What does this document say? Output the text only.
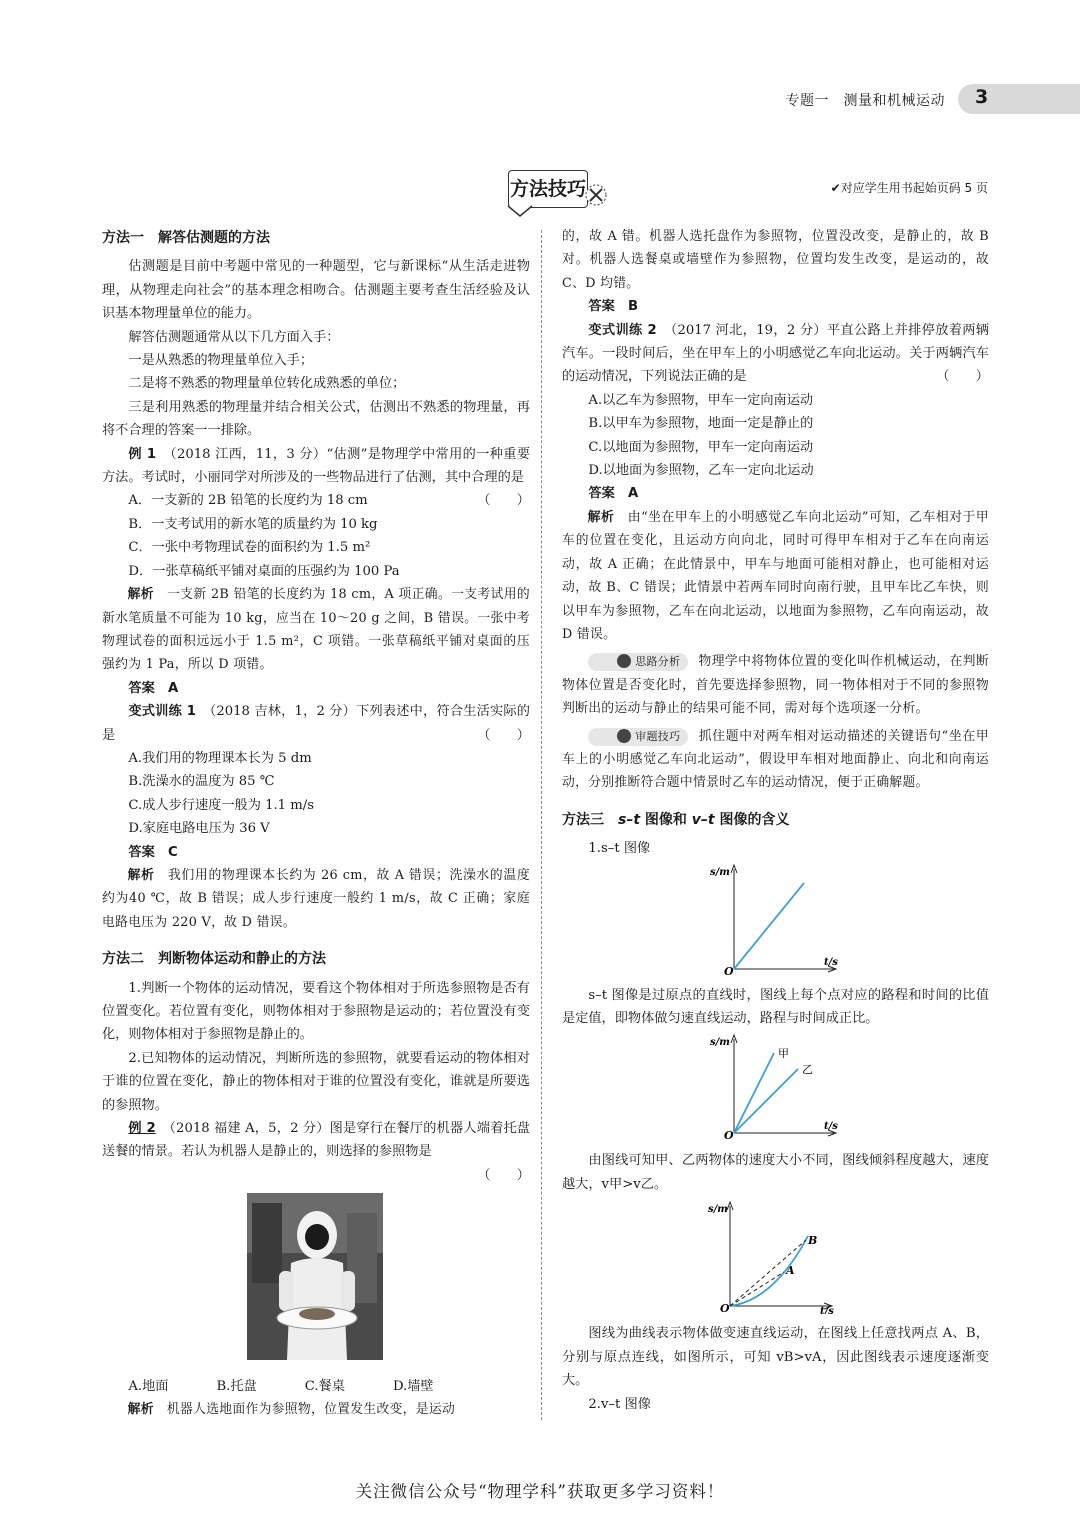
专题一　测量和机械运动 3
方法技巧	✔对应学生用书起始页码 5 页
方法一　解答估测题的方法

估测题是目前中考题中常见的一种题型，它与新课标“从生活走进物理，从物理走向社会”的基本理念相吻合。估测题主要考查生活经验及认识基本物理量单位的能力。

解答估测题通常从以下几方面入手：

一是从熟悉的物理量单位入手；

二是将不熟悉的物理量单位转化成熟悉的单位；

三是利用熟悉的物理量并结合相关公式，估测出不熟悉的物理量，再将不合理的答案一一排除。

例 1　 （2018 江西，11，3 分）“估测”是物理学中常用的一种重要方法。考试时，小丽同学对所涉及的一些物品进行了估测，其中合理的是
（　　）

A．一支新的 2B 铅笔的长度约为 18 cm

B．一支考试用的新水笔的质量约为 10 kg

C．一张中考物理试卷的面积约为 1.5 m²

D．一张草稿纸平铺对桌面的压强约为 100 Pa

解析　 一支新 2B 铅笔的长度约为 18 cm，A 项正确。一支考试用的新水笔质量不可能为 10 kg，应当在 10～20 g 之间，B 错误。一张中考物理试卷的面积远远小于 1.5 m²，C 项错。一张草稿纸平铺对桌面的压强约为 1 Pa，所以 D 项错。

答案　 A

变式训练 1　 （2018 吉林，1，2 分）下列表述中，符合生活实际的是	（　　）

A.我们用的物理课本长为 5 dm

B.洗澡水的温度为 85 ℃

C.成人步行速度一般为 1.1 m/s

D.家庭电路电压为 36 V

答案　 C

解析　 我们用的物理课本长约为 26 cm，故 A 错误；洗澡水的温度约为40 ℃，故 B 错误；成人步行速度一般约 1 m/s，故 C 正确；家庭电路电压为 220 V，故 D 错误。

方法二　判断物体运动和静止的方法

1.判断一个物体的运动情况，要看这个物体相对于所选参照物是否有位置变化。若位置有变化，则物体相对于参照物是运动的；若位置没有变化，则物体相对于参照物是静止的。

2.已知物体的运动情况，判断所选的参照物，就要看运动的物体相对于谁的位置在变化，静止的物体相对于谁的位置没有变化，谁就是所要选的参照物。

例 2　 （2018 福建 A，5，2 分）图是穿行在餐厅的机器人端着托盘送餐的情景。若认为机器人是静止的，则选择的参照物是

（　　）

A.地面	B.托盘	C.餐桌	D.墙壁

解析　 机器人选地面作为参照物，位置发生改变，是运动

的，故 A 错。机器人选托盘作为参照物，位置没改变，是静止的，故 B 对。机器人选餐桌或墙壁作为参照物，位置均发生改变，是运动的，故 C、D 均错。

答案　 B

变式训练 2　 （2017 河北，19，2 分）平直公路上并排停放着两辆汽车。一段时间后，坐在甲车上的小明感觉乙车向北运动。关于两辆汽车的运动情况，下列说法正确的是	（　　）

A.以乙车为参照物，甲车一定向南运动

B.以甲车为参照物，地面一定是静止的

C.以地面为参照物，甲车一定向南运动

D.以地面为参照物，乙车一定向北运动

答案　 A

解析　 由“坐在甲车上的小明感觉乙车向北运动”可知，乙车相对于甲车的位置在变化，且运动方向向北，同时可得甲车相对于乙车在向南运动，故 A 正确；在此情景中，甲车与地面可能相对静止，也可能相对运动，故 B、C 错误；此情景中若两车同时向南行驶，且甲车比乙车快，则以甲车为参照物，乙车在向北运动，以地面为参照物，乙车向南运动，故 D 错误。

思路分析 物理学中将物体位置的变化叫作机械运动，在判断物体位置是否变化时，首先要选择参照物，同一物体相对于不同的参照物判断出的运动与静止的结果可能不同，需对每个选项逐一分析。

审题技巧 抓住题中对两车相对运动描述的关键语句“坐在甲车上的小明感觉乙车向北运动”，假设甲车相对地面静止、向北和向南运动，分别推断符合题中情景时乙车的运动情况，便于正确解题。

方法三　s–t 图像和 v–t 图像的含义

1.s–t 图像

s/m
t/s
O

s–t 图像是过原点的直线时，图线上每个点对应的路程和时间的比值是定值，即物体做匀速直线运动，路程与时间成正比。

s/m
t/s
O
甲
乙

由图线可知甲、乙两物体的速度大小不同，图线倾斜程度越大，速度越大，v甲>v乙。

s/m
t/s
O
A
B

图线为曲线表示物体做变速直线运动，在图线上任意找两点 A、B，分别与原点连线，如图所示，可知 vB>vA，因此图线表示速度逐渐变大。

2.v–t 图像

关注微信公众号“物理学科”获取更多学习资料！
